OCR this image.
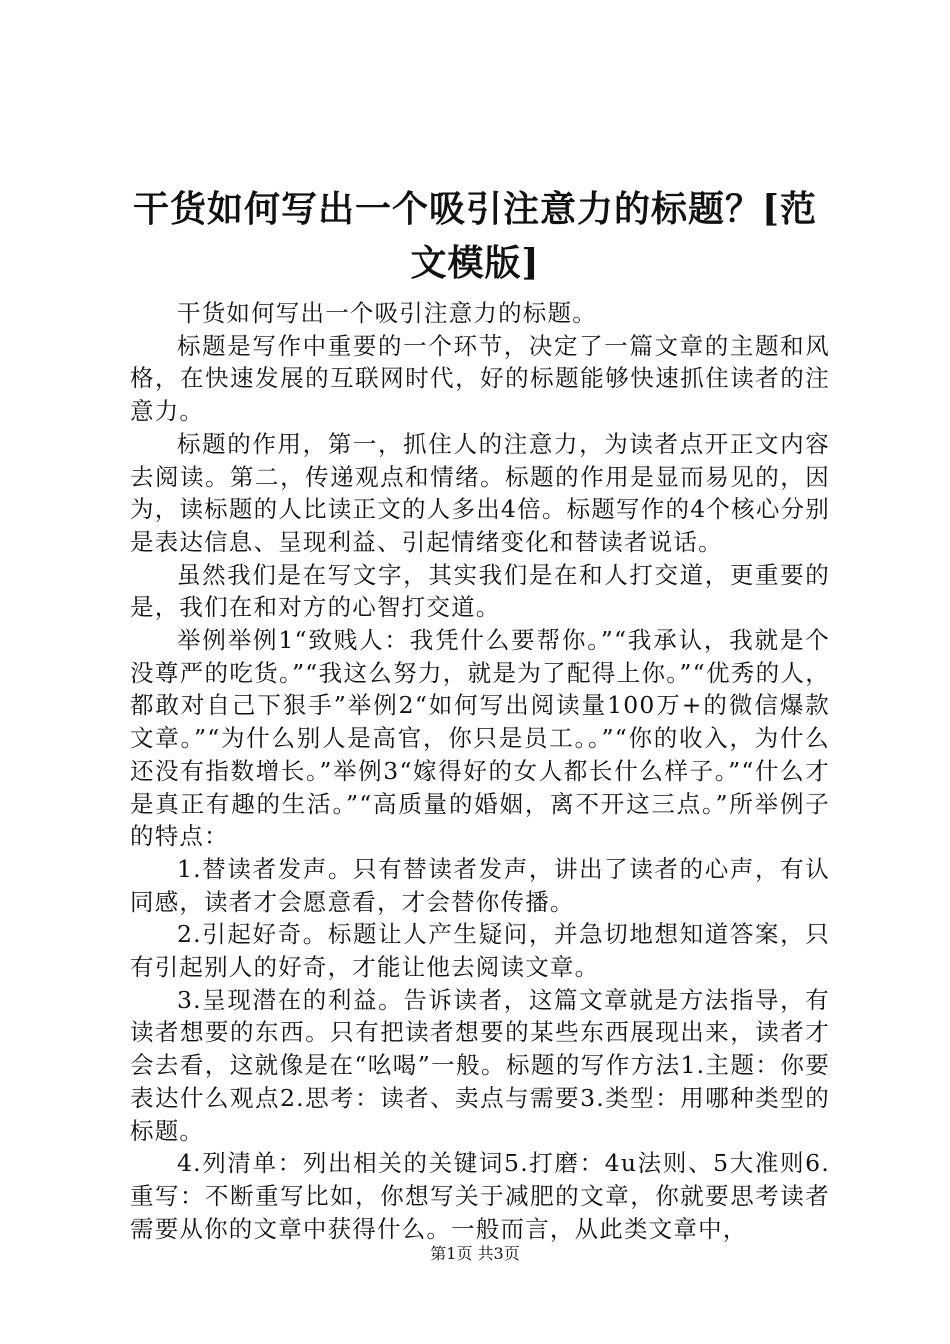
干货如何写出一个吸引注意力的标题？[范文模版]

干货如何写出一个吸引注意力的标题。

标题是写作中重要的一个环节，决定了一篇文章的主题和风格，在快速发展的互联网时代，好的标题能够快速抓住读者的注意力。

标题的作用，第一，抓住人的注意力，为读者点开正文内容去阅读。第二，传递观点和情绪。标题的作用是显而易见的，因为，读标题的人比读正文的人多出4倍。标题写作的4个核心分别是表达信息、呈现利益、引起情绪变化和替读者说话。

虽然我们是在写文字，其实我们是在和人打交道，更重要的是，我们在和对方的心智打交道。

举例举例1“致贱人：我凭什么要帮你。”“我承认，我就是个没尊严的吃货。”“我这么努力，就是为了配得上你。”“优秀的人，都敢对自己下狠手”举例2“如何写出阅读量100万+的微信爆款文章。”“为什么别人是高官，你只是员工。。”“你的收入，为什么还没有指数增长。”举例3“嫁得好的女人都长什么样子。”“什么才是真正有趣的生活。”“高质量的婚姻，离不开这三点。”所举例子的特点：

1.替读者发声。只有替读者发声，讲出了读者的心声，有认同感，读者才会愿意看，才会替你传播。

2.引起好奇。标题让人产生疑问，并急切地想知道答案，只有引起别人的好奇，才能让他去阅读文章。

3.呈现潜在的利益。告诉读者，这篇文章就是方法指导，有读者想要的东西。只有把读者想要的某些东西展现出来，读者才会去看，这就像是在“吆喝”一般。标题的写作方法1.主题：你要表达什么观点2.思考：读者、卖点与需要3.类型：用哪种类型的标题。

4.列清单：列出相关的关键词5.打磨：4u法则、5大准则6.重写：不断重写比如，你想写关于减肥的文章，你就要思考读者需要从你的文章中获得什么。一般而言，从此类文章中，

第1页 共3页
